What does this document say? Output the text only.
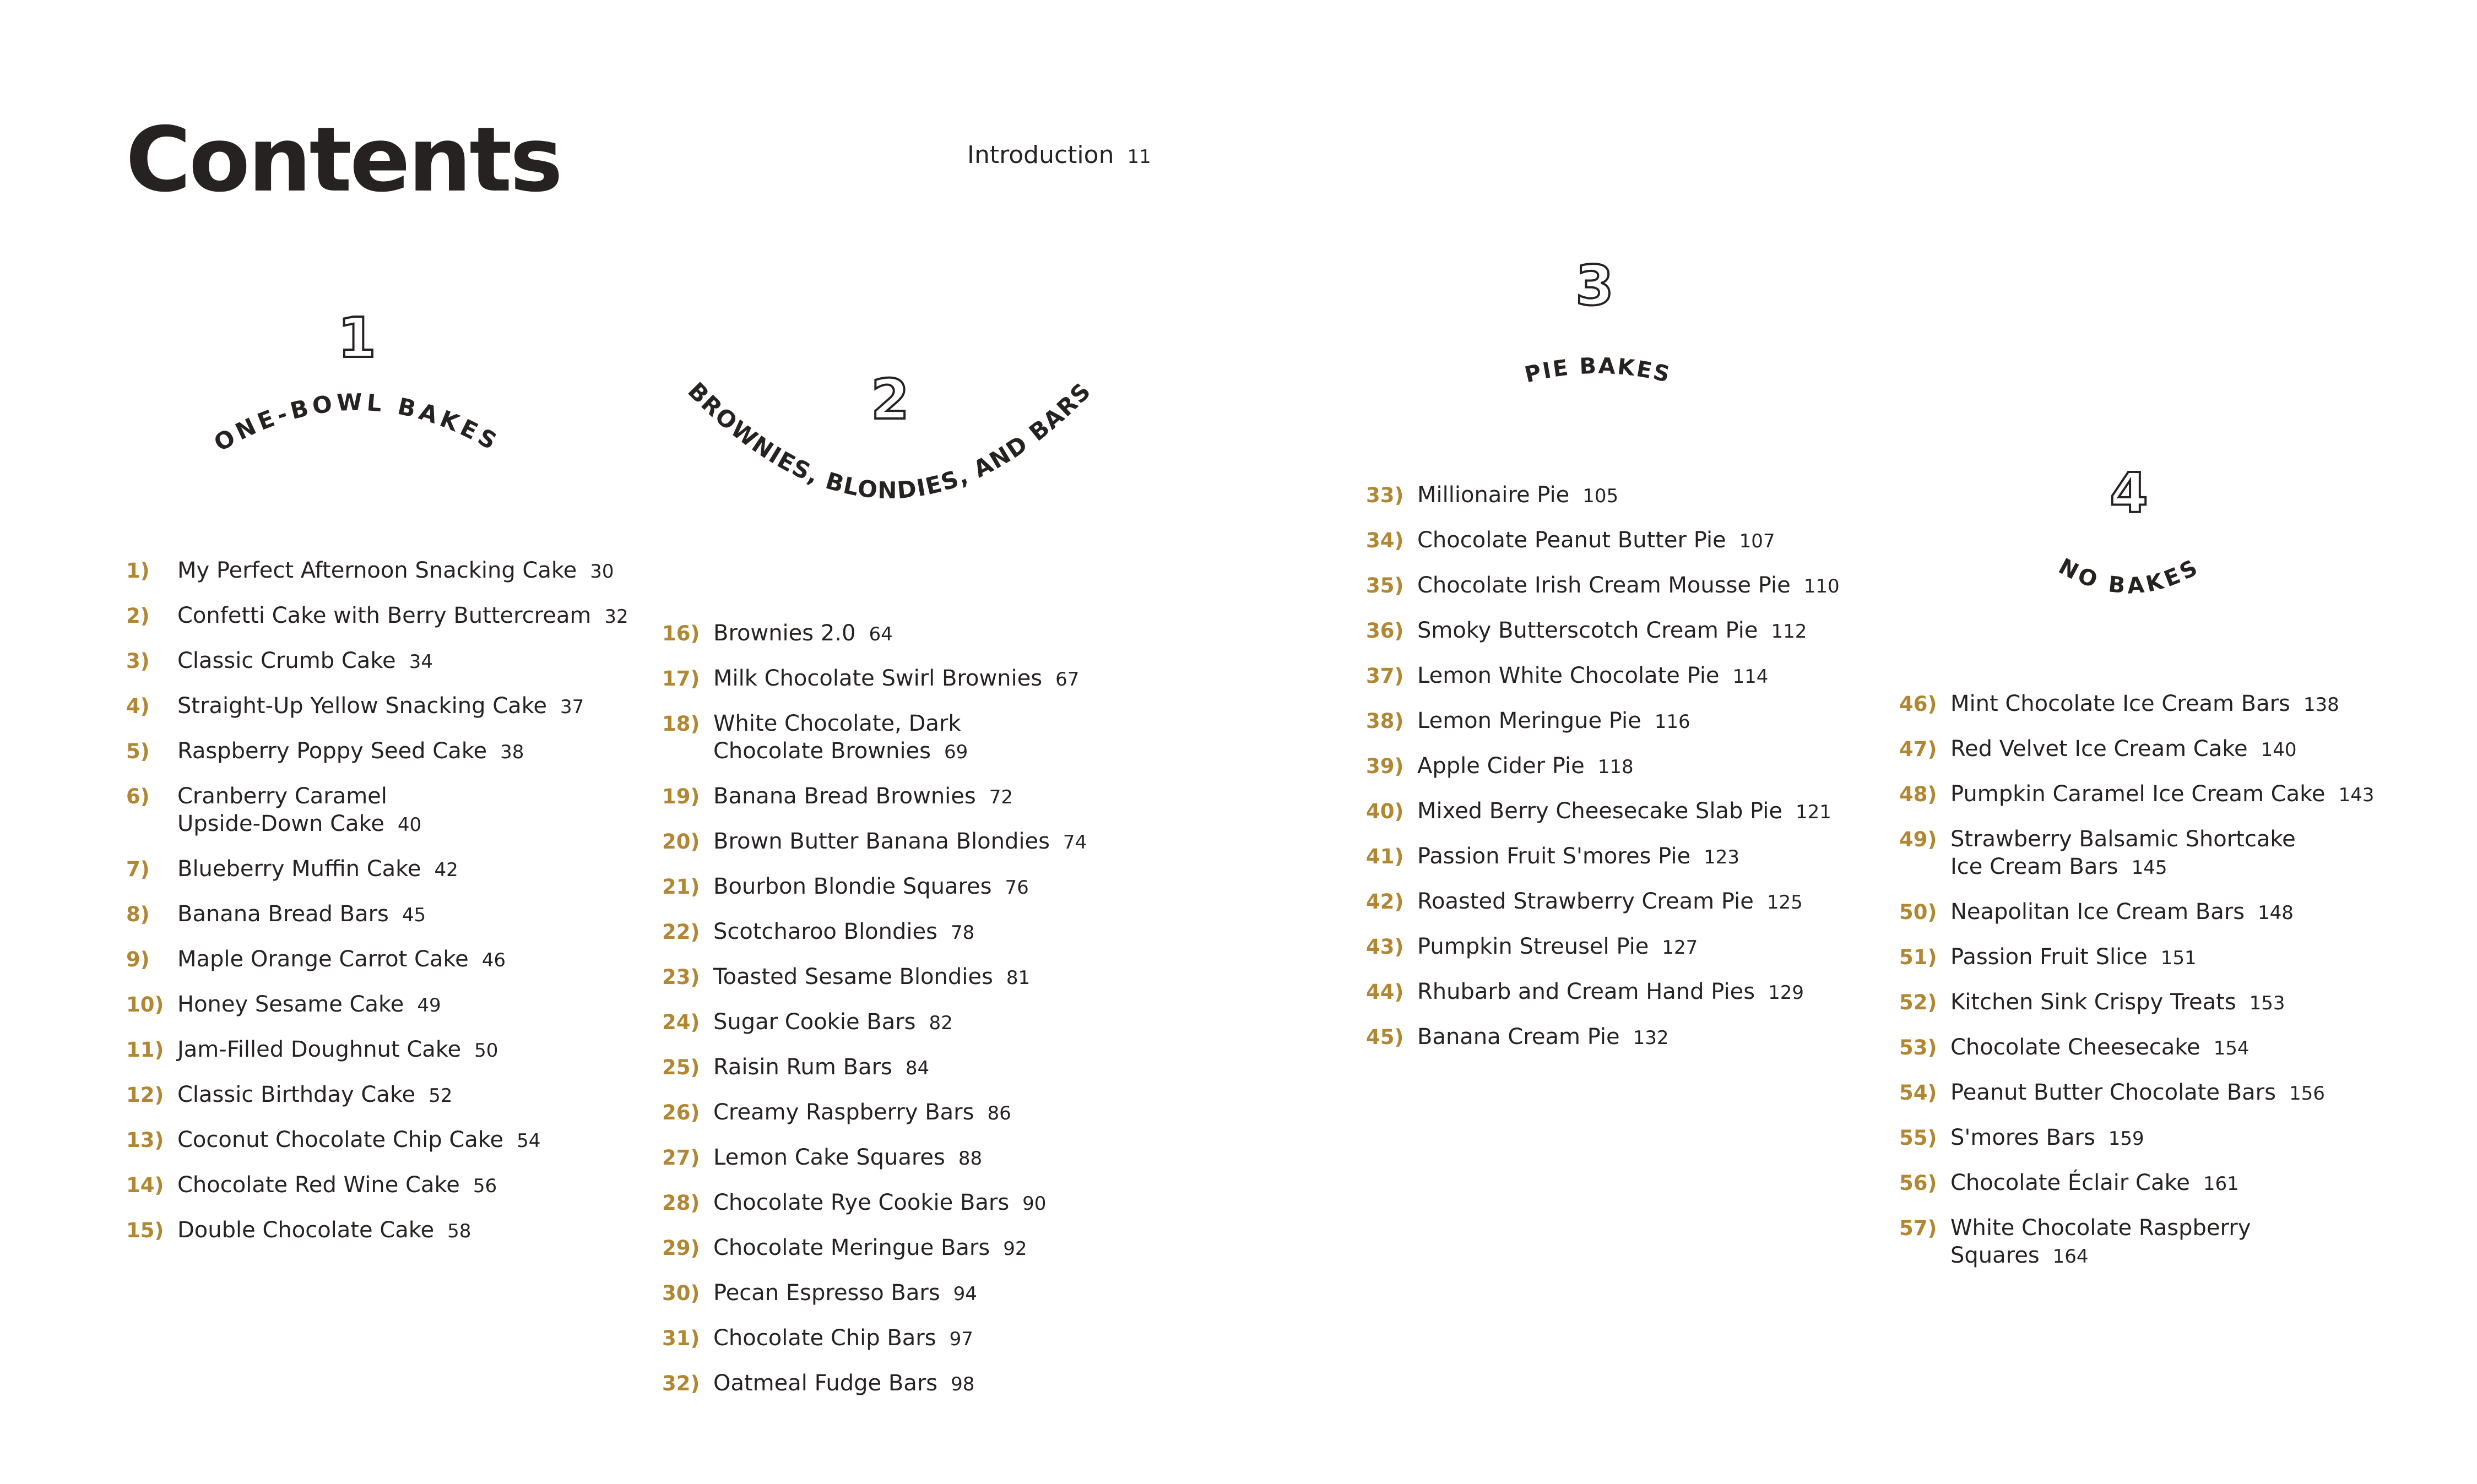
Contents	Introduction 11
1
ONE-BOWL BAKES
1)	My Perfect Afternoon Snacking Cake 30
2)	Confetti Cake with Berry Buttercream 32
3)	Classic Crumb Cake 34
4)	Straight-Up Yellow Snacking Cake 37
5)	Raspberry Poppy Seed Cake 38
6)	Cranberry Caramel
Upside-Down Cake 40
7)	Blueberry Muffin Cake 42
8)	Banana Bread Bars 45
9)	Maple Orange Carrot Cake 46
10) Honey Sesame Cake 49
11) Jam-Filled Doughnut Cake 50
12) Classic Birthday Cake 52
13) Coconut Chocolate Chip Cake 54
14) Chocolate Red Wine Cake 56
15) Double Chocolate Cake 58
2
BROWNIES, BLONDIES, AND BARS
16) Brownies 2.0 64
17) Milk Chocolate Swirl Brownies 67
18) White Chocolate, Dark
Chocolate Brownies 69
19) Banana Bread Brownies 72
20) Brown Butter Banana Blondies 74
21) Bourbon Blondie Squares 76
22) Scotcharoo Blondies 78
23) Toasted Sesame Blondies 81
24) Sugar Cookie Bars 82
25) Raisin Rum Bars 84
26) Creamy Raspberry Bars 86
27) Lemon Cake Squares 88
28) Chocolate Rye Cookie Bars 90
29) Chocolate Meringue Bars 92
30) Pecan Espresso Bars 94
31) Chocolate Chip Bars 97
32) Oatmeal Fudge Bars 98
3
PIE BAKES
33) Millionaire Pie 105
34) Chocolate Peanut Butter Pie 107
35) Chocolate Irish Cream Mousse Pie 110
36) Smoky Butterscotch Cream Pie 112
37) Lemon White Chocolate Pie 114
38) Lemon Meringue Pie 116
39) Apple Cider Pie 118
40) Mixed Berry Cheesecake Slab Pie 121
41) Passion Fruit S'mores Pie 123
42) Roasted Strawberry Cream Pie 125
43) Pumpkin Streusel Pie 127
44) Rhubarb and Cream Hand Pies 129
45) Banana Cream Pie 132
4
NO BAKES
46) Mint Chocolate Ice Cream Bars 138
47) Red Velvet Ice Cream Cake 140
48) Pumpkin Caramel Ice Cream Cake 143
49) Strawberry Balsamic Shortcake
Ice Cream Bars 145
50) Neapolitan Ice Cream Bars 148
51) Passion Fruit Slice 151
52) Kitchen Sink Crispy Treats 153
53) Chocolate Cheesecake 154
54) Peanut Butter Chocolate Bars 156
55) S'mores Bars 159
56) Chocolate Éclair Cake 161
57) White Chocolate Raspberry
Squares 164
